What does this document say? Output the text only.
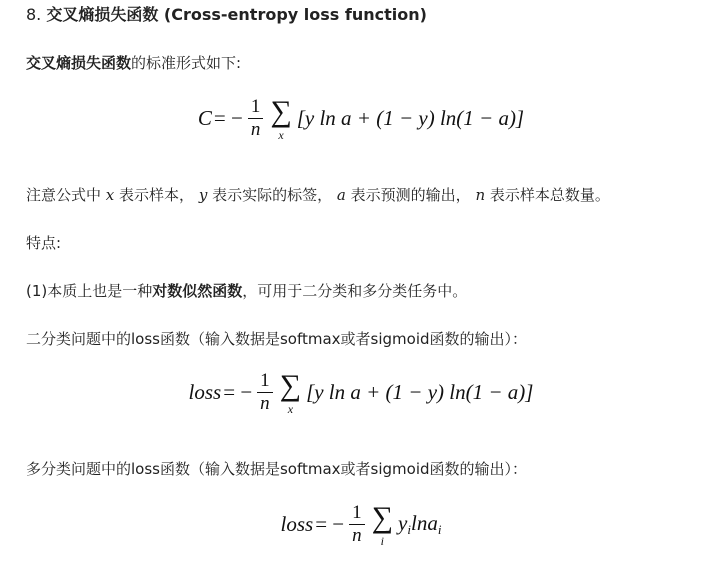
8. 交叉熵损失函数 (Cross-entropy loss function)

交叉熵损失函数的标准形式如下:

C = − $\frac{1}{n}$ ∑
x
[y ln a + (1 − y) ln(1 − a)]

注意公式中 x 表示样本， y 表示实际的标签， a 表示预测的输出， n 表示样本总数量。

特点:

(1)本质上也是一种对数似然函数，可用于二分类和多分类任务中。

二分类问题中的loss函数（输入数据是softmax或者sigmoid函数的输出）：

loss = − $\frac{1}{n}$ ∑
x
[y ln a + (1 − y) ln(1 − a)]

多分类问题中的loss函数（输入数据是softmax或者sigmoid函数的输出）：

loss = − $\frac{1}{n}$ ∑
i
$y_i\ln a_i$
